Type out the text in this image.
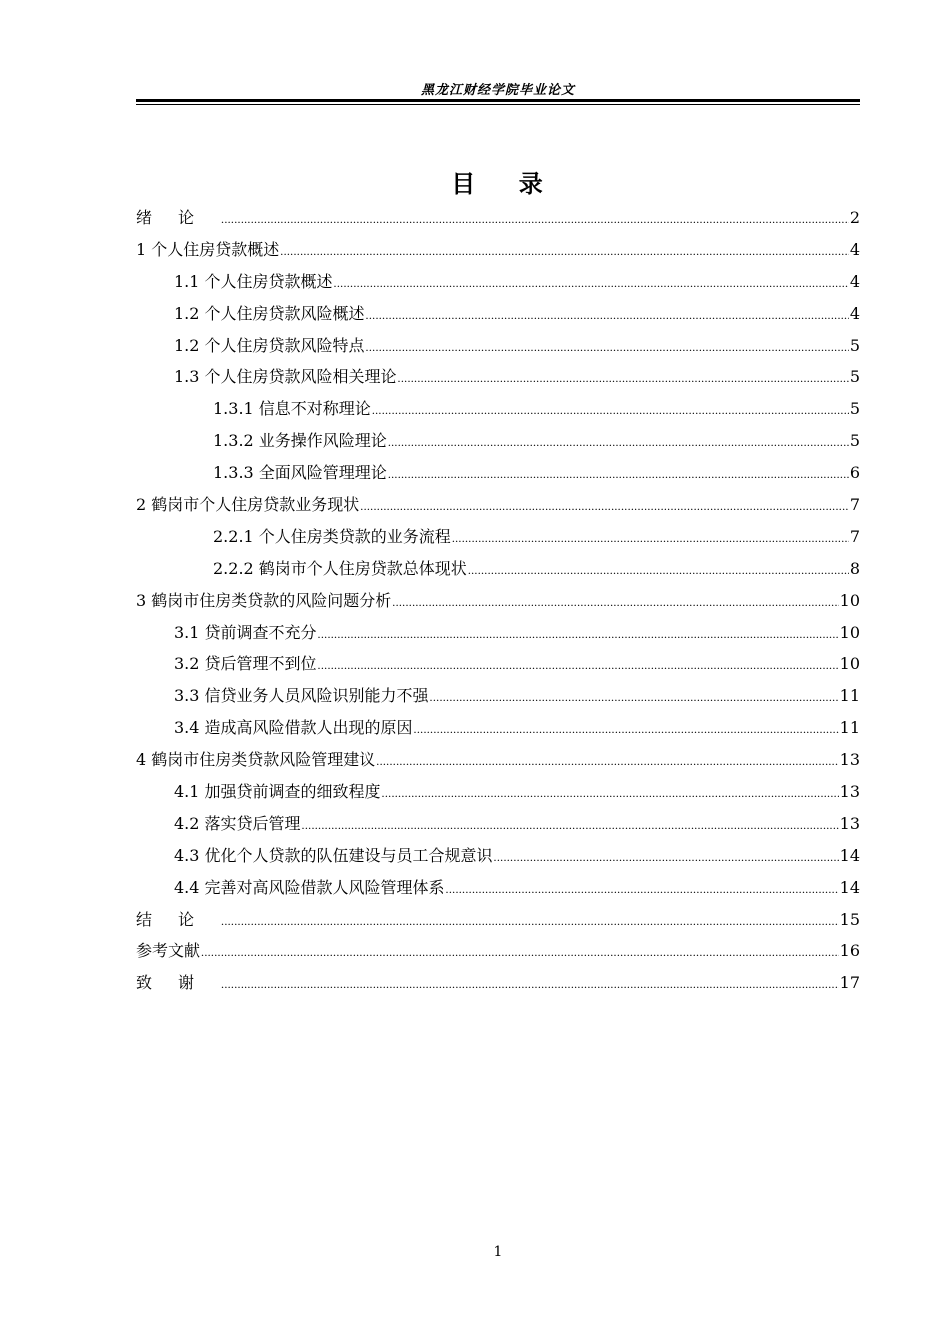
黑龙江财经学院毕业论文
目    录
绪论 .....	2
1 个人住房贷款概述 .....	4
1.1 个人住房贷款概述 .....	4
1.2 个人住房贷款风险概述 .....	4
1.2 个人住房贷款风险特点 .....	5
1.3 个人住房贷款风险相关理论 .....	5
1.3.1 信息不对称理论 .....	5
1.3.2 业务操作风险理论 .....	5
1.3.3 全面风险管理理论 .....	6
2 鹤岗市个人住房贷款业务现状 .....	7
2.2.1 个人住房类贷款的业务流程 .....	7
2.2.2 鹤岗市个人住房贷款总体现状 .....	8
3 鹤岗市住房类贷款的风险问题分析 .....	10
3.1 贷前调查不充分 .....	10
3.2 贷后管理不到位 .....	10
3.3 信贷业务人员风险识别能力不强 .....	11
3.4 造成高风险借款人出现的原因 .....	11
4 鹤岗市住房类贷款风险管理建议 .....	13
4.1 加强贷前调查的细致程度 .....	13
4.2 落实贷后管理 .....	13
4.3 优化个人贷款的队伍建设与员工合规意识 .....	14
4.4 完善对高风险借款人风险管理体系 .....	14
结论 .....	15
参考文献 .....	16
致谢 .....	17
1
